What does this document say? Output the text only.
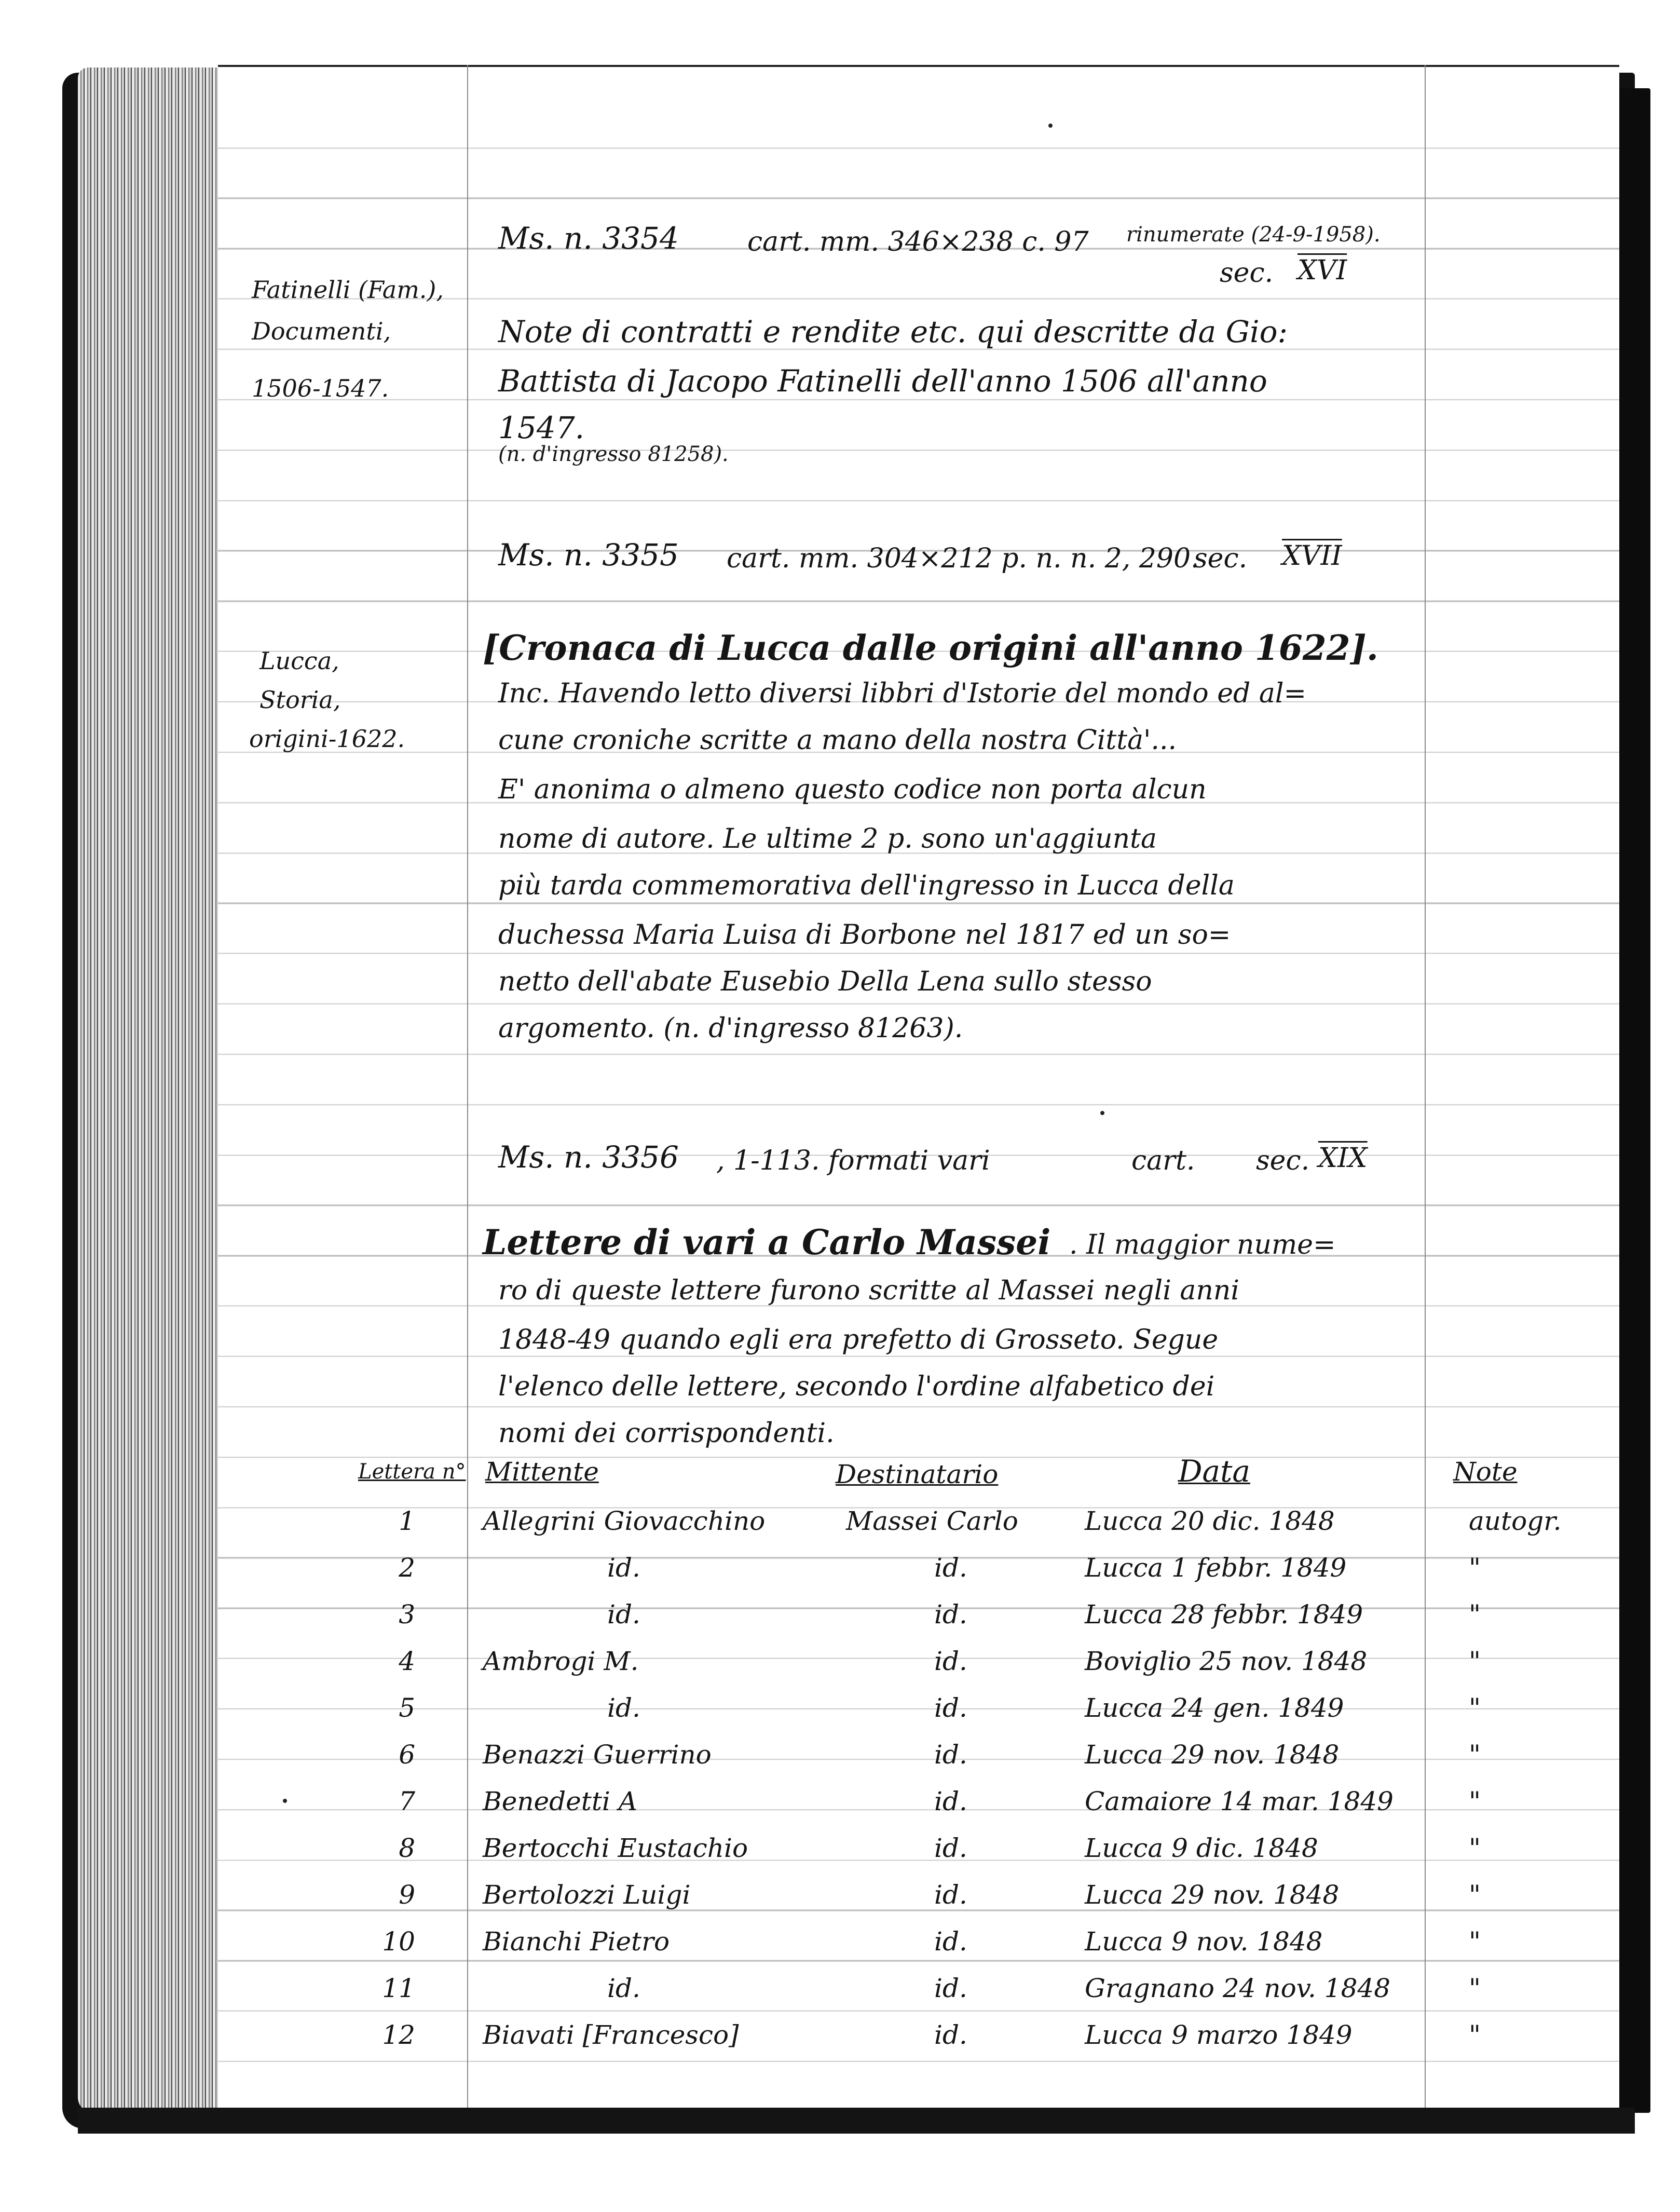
Fatinelli (Fam.),
Documenti,
1506-1547.
Lucca,
Storia,
origini-1622.
Ms. n. 3354	cart. mm. 346×238 c. 97 rinumerate (24-9-1958).
sec. $\overline{XVI}$
Note di contratti e rendite etc. qui descritte da Gio:
Battista di Jacopo Fatinelli dell'anno 1506 all'anno
1547.
(n. d'ingresso 81258).
Ms. n. 3355 cart. mm. 304×212 p. n. n. 2, 290.
sec. XVII
[Cronaca di Lucca dalle origini all'anno 1622].
Inc. Havendo letto diversi libbri d'Istorie del mondo ed al=
cune croniche scritte a mano della nostra Città'...
E' anonima o almeno questo codice non porta alcun
nome di autore. Le ultime 2 p. sono un'aggiunta
più tarda commemorativa dell'ingresso in Lucca della
duchessa Maria Luisa di Borbone nel 1817 ed un so=
netto dell'abate Eusebio Della Lena sullo stesso
argomento. (n. d'ingresso 81263).
Ms. n. 3356 , 1-113. formati vari	cart. sec. $\overline{XIX}$
Lettere di vari a Carlo Massei . Il maggior nume=
ro di queste lettere furono scritte al Massei negli anni
1848-49 quando egli era prefetto di Grosseto. Segue
l'elenco delle lettere, secondo l'ordine alfabetico dei
nomi dei corrispondenti.
Lettera n° Mittente	Destinatario	Data	Note
1	Allegrini Giovacchino	Massei Carlo	Lucca 20 dic. 1848	autogr.
2	id.	id.	Lucca 1 febbr. 1849	"
3	id.	id.	Lucca 28 febbr. 1849	"
4	Ambrogi M.	id.	Boviglio 25 nov. 1848	"
5	id.	id.	Lucca 24 gen. 1849	"
6	Benazzi Guerrino	id.	Lucca 29 nov. 1848	"
7	Benedetti A	id.	Camaiore 14 mar. 1849	"
8	Bertocchi Eustachio	id.	Lucca 9 dic. 1848	"
9	Bertolozzi Luigi	id.	Lucca 29 nov. 1848	"
10	Bianchi Pietro	id.	Lucca 9 nov. 1848	"
11	id.	id.	Gragnano 24 nov. 1848	"
12	Biavati [Francesco]	id.	Lucca 9 marzo 1849	"
